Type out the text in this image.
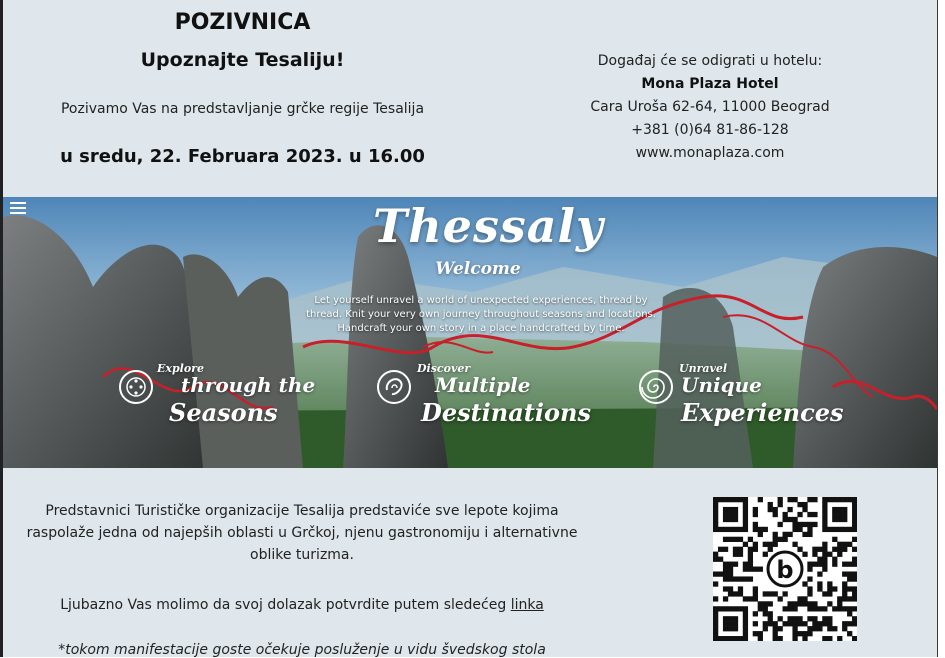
POZIVNICA
Upoznajte Tesaliju!
Pozivamo Vas na predstavljanje grčke regije Tesalija
u sredu, 22. Februara 2023. u 16.00
Događaj će se odigrati u hotelu:
Mona Plaza Hotel
Cara Uroša 62-64, 11000 Beograd
+381 (0)64 81-86-128
www.monaplaza.com
Thessaly
Welcome
Let yourself unravel a world of unexpected experiences, thread by thread. Knit your very own journey throughout seasons and locations. Handcraft your own story in a place handcrafted by time.
Explore
through the
Seasons
Discover
Multiple
Destinations
Unravel
Unique
Experiences

Predstavnici Turističke organizacije Tesalija predstaviće sve lepote kojima raspolaže jedna od najepših oblasti u Grčkoj, njenu gastronomiju i alternativne oblike turizma.

Ljubazno Vas molimo da svoj dolazak potvrdite putem sledećeg linka

*tokom manifestacije goste očekuje posluženje u vidu švedskog stola

b
